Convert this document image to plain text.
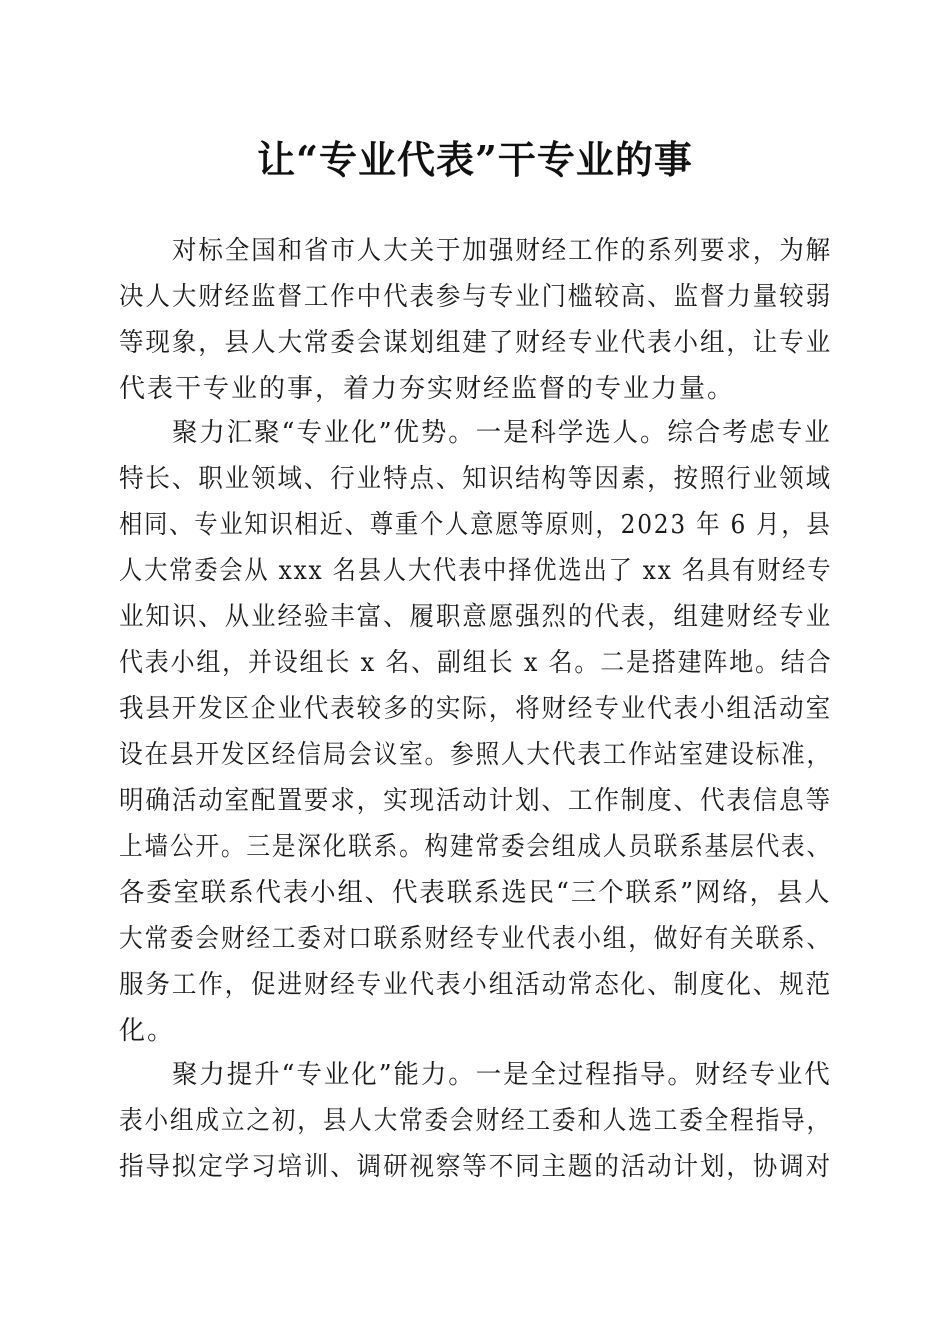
让“专业代表”干专业的事
对标全国和省市人大关于加强财经工作的系列要求，为解
决人大财经监督工作中代表参与专业门槛较高、监督力量较弱
等现象，县人大常委会谋划组建了财经专业代表小组，让专业
代表干专业的事，着力夯实财经监督的专业力量。
聚力汇聚“专业化”优势。一是科学选人。综合考虑专业
特长、职业领域、行业特点、知识结构等因素，按照行业领域
相同、专业知识相近、尊重个人意愿等原则，2023 年 6 月，县
人大常委会从 xxx 名县人大代表中择优选出了 xx 名具有财经专
业知识、从业经验丰富、履职意愿强烈的代表，组建财经专业
代表小组，并设组长 x 名、副组长 x 名。二是搭建阵地。结合
我县开发区企业代表较多的实际，将财经专业代表小组活动室
设在县开发区经信局会议室。参照人大代表工作站室建设标准，
明确活动室配置要求，实现活动计划、工作制度、代表信息等
上墙公开。三是深化联系。构建常委会组成人员联系基层代表、
各委室联系代表小组、代表联系选民“三个联系”网络，县人
大常委会财经工委对口联系财经专业代表小组，做好有关联系、
服务工作，促进财经专业代表小组活动常态化、制度化、规范
化。
聚力提升“专业化”能力。一是全过程指导。财经专业代
表小组成立之初，县人大常委会财经工委和人选工委全程指导，
指导拟定学习培训、调研视察等不同主题的活动计划，协调对
